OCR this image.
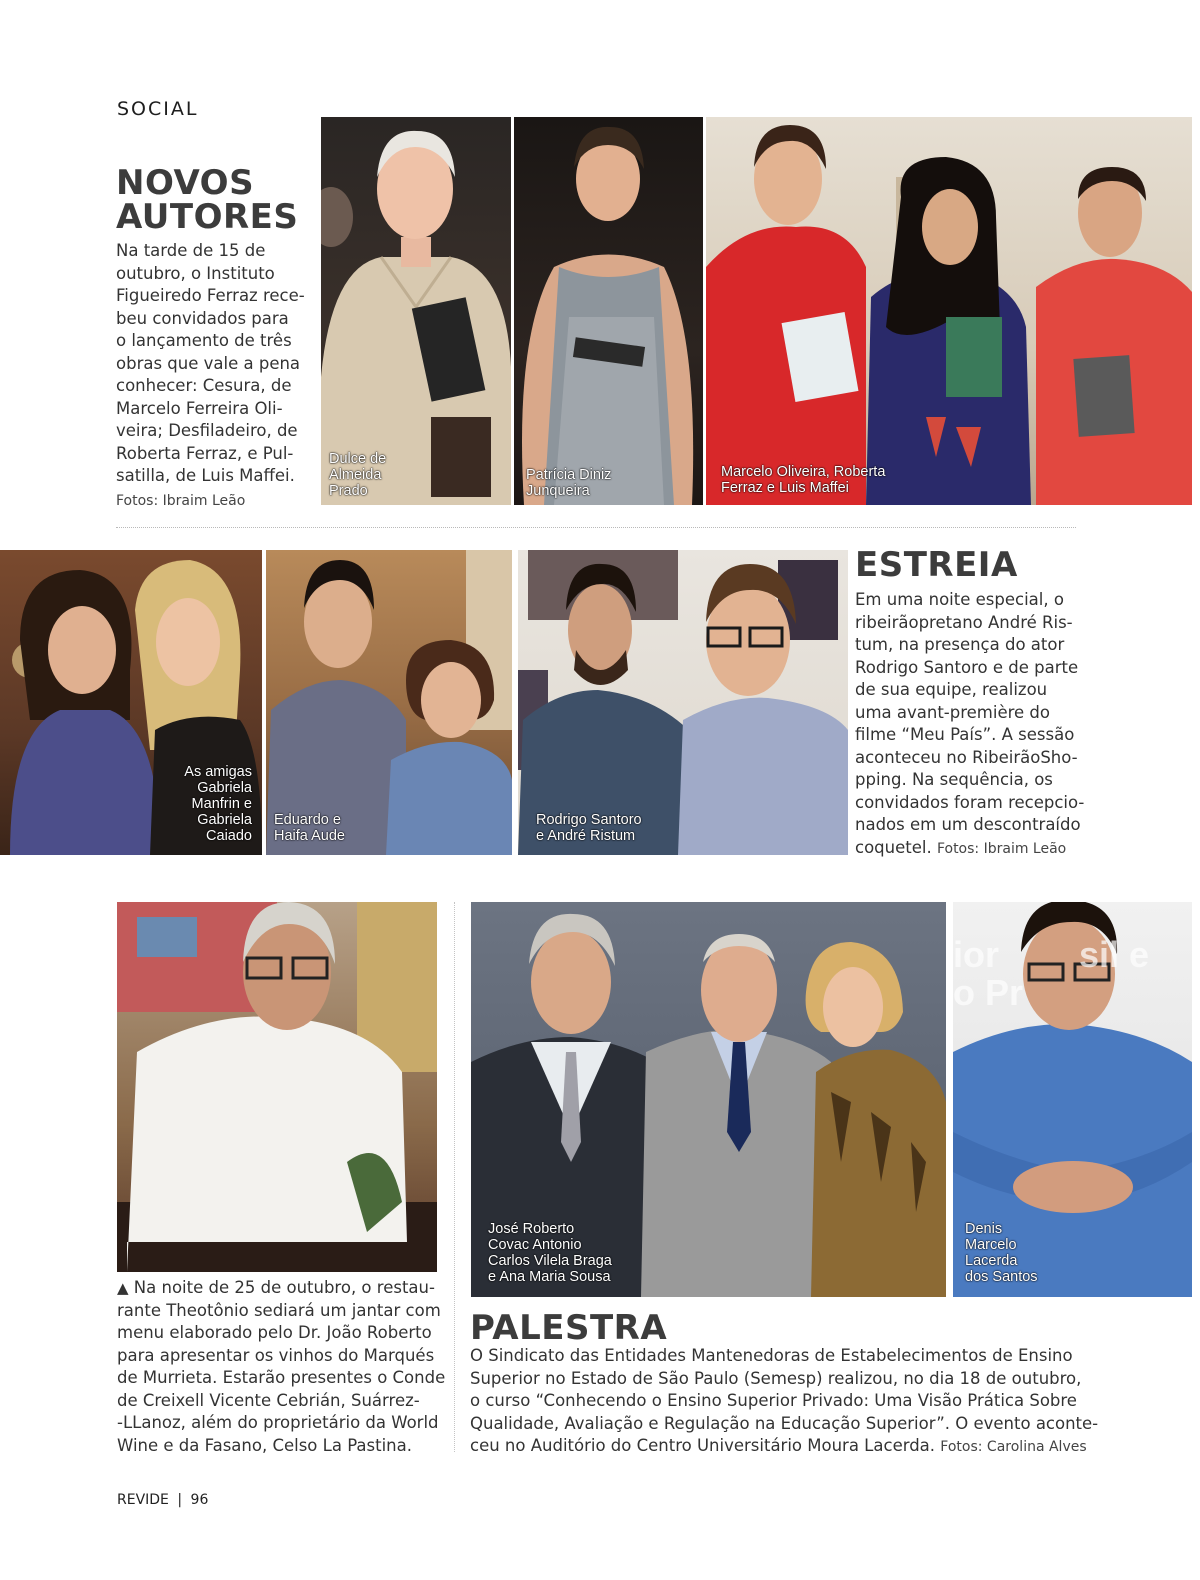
SOCIAL
NOVOS
AUTORES
Na tarde de 15 de
outubro, o Instituto
Figueiredo Ferraz rece-
beu convidados para
o lançamento de três
obras que vale a pena
conhecer: Cesura, de
Marcelo Ferreira Oli-
veira; Desfiladeiro, de
Roberta Ferraz, e Pul-
satilla, de Luis Maffei.
Fotos: Ibraim Leão
Dulce de
Almeida
Prado
Patrícia Diniz
Junqueira
Marcelo Oliveira, Roberta
Ferraz e Luis Maffei
As amigas
Gabriela
Manfrin e
Gabriela
Caiado
Eduardo e
Haifa Aude
Rodrigo Santoro
e André Ristum
ESTREIA
Em uma noite especial, o
ribeirãopretano André Ris-
tum, na presença do ator
Rodrigo Santoro e de parte
de sua equipe, realizou
uma avant-première do
filme “Meu País”. A sessão
aconteceu no RibeirãoSho-
pping. Na sequência, os
convidados foram recepcio-
nados em um descontraído
coquetel. Fotos: Ibraim Leão
▲ Na noite de 25 de outubro, o restau-
rante Theotônio sediará um jantar com
menu elaborado pelo Dr. João Roberto
para apresentar os vinhos do Marqués
de Murrieta. Estarão presentes o Conde
de Creixell Vicente Cebrián, Suárrez-
-LLanoz, além do proprietário da World
Wine e da Fasano, Celso La Pastina.
José Roberto
Covac Antonio
Carlos Vilela Braga
e Ana Maria Sousa
ior sil e
o Pr
Denis
Marcelo
Lacerda
dos Santos
PALESTRA
O Sindicato das Entidades Mantenedoras de Estabelecimentos de Ensino
Superior no Estado de São Paulo (Semesp) realizou, no dia 18 de outubro,
o curso “Conhecendo o Ensino Superior Privado: Uma Visão Prática Sobre
Qualidade, Avaliação e Regulação na Educação Superior”. O evento aconte-
ceu no Auditório do Centro Universitário Moura Lacerda. Fotos: Carolina Alves
REVIDE | 96
